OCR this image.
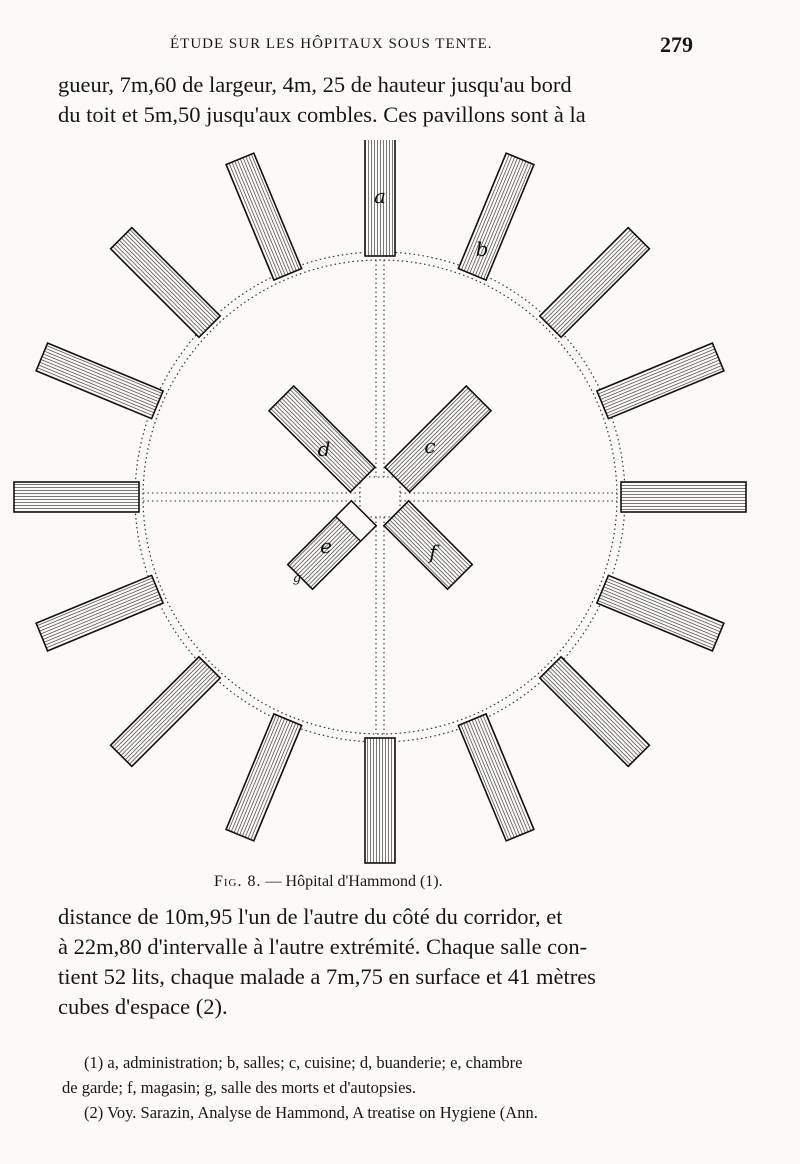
ÉTUDE SUR LES HÔPITAUX SOUS TENTE.	279
gueur, 7m,60 de largeur, 4m, 25 de hauteur jusqu'au bord
du toit et 5m,50 jusqu'aux combles. Ces pavillons sont à la
a
b
c
d
e	f
g
Fig. 8. — Hôpital d'Hammond (1).
distance de 10m,95 l'un de l'autre du côté du corridor, et
à 22m,80 d'intervalle à l'autre extrémité. Chaque salle con-
tient 52 lits, chaque malade a 7m,75 en surface et 41 mètres
cubes d'espace (2).
(1) a, administration; b, salles; c, cuisine; d, buanderie; e, chambre
de garde; f, magasin; g, salle des morts et d'autopsies.
(2) Voy. Sarazin, Analyse de Hammond, A treatise on Hygiene (Ann.
